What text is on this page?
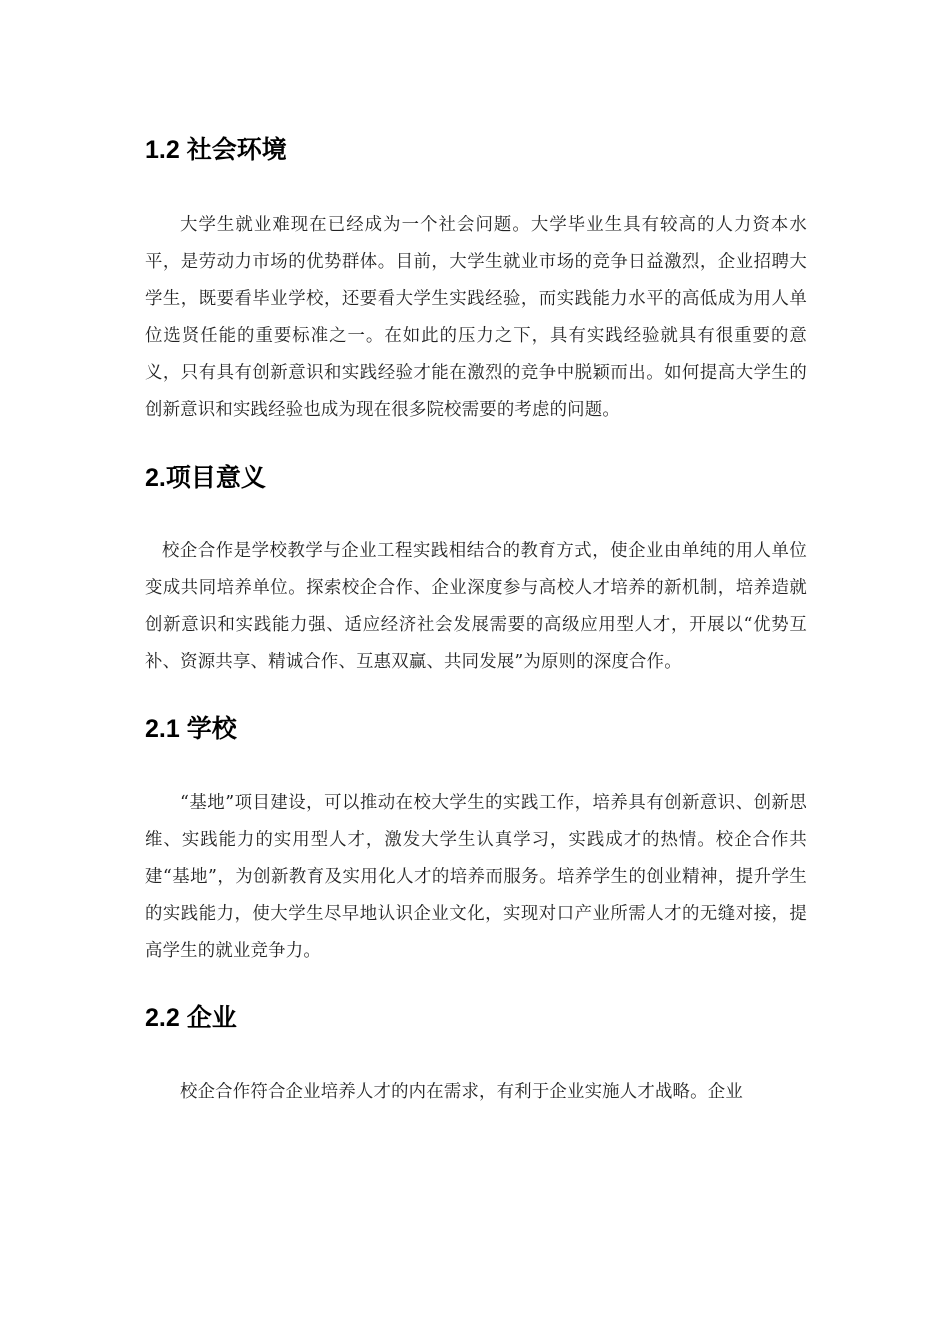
1.2 社会环境

大学生就业难现在已经成为一个社会问题。大学毕业生具有较高的人力资本水平，是劳动力市场的优势群体。目前，大学生就业市场的竞争日益激烈，企业招聘大学生，既要看毕业学校，还要看大学生实践经验，而实践能力水平的高低成为用人单位选贤任能的重要标准之一。在如此的压力之下，具有实践经验就具有很重要的意义，只有具有创新意识和实践经验才能在激烈的竞争中脱颖而出。如何提高大学生的创新意识和实践经验也成为现在很多院校需要的考虑的问题。

2.项目意义

校企合作是学校教学与企业工程实践相结合的教育方式，使企业由单纯的用人单位变成共同培养单位。探索校企合作、企业深度参与高校人才培养的新机制，培养造就创新意识和实践能力强、适应经济社会发展需要的高级应用型人才，开展以“优势互补、资源共享、精诚合作、互惠双赢、共同发展”为原则的深度合作。

2.1 学校

“基地”项目建设，可以推动在校大学生的实践工作，培养具有创新意识、创新思维、实践能力的实用型人才，激发大学生认真学习，实践成才的热情。校企合作共建“基地”，为创新教育及实用化人才的培养而服务。培养学生的创业精神，提升学生的实践能力，使大学生尽早地认识企业文化，实现对口产业所需人才的无缝对接，提高学生的就业竞争力。

2.2 企业

校企合作符合企业培养人才的内在需求，有利于企业实施人才战略。企业
